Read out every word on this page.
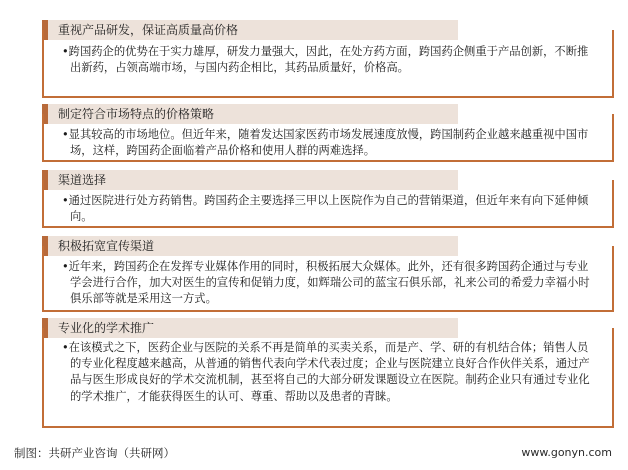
重视产品研发，保证高质量高价格
•跨国药企的优势在于实力雄厚，研发力量强大，因此，在处方药方面，跨国药企侧重于产品创新，不断推出新药，占领高端市场，与国内药企相比，其药品质量好，价格高。
制定符合市场特点的价格策略
•显其较高的市场地位。但近年来，随着发达国家医药市场发展速度放慢，跨国制药企业越来越重视中国市场，这样，跨国药企面临着产品价格和使用人群的两难选择。
渠道选择
•通过医院进行处方药销售。跨国药企主要选择三甲以上医院作为自己的营销渠道，但近年来有向下延伸倾向。
积极拓宽宣传渠道
•近年来，跨国药企在发挥专业媒体作用的同时，积极拓展大众媒体。此外，还有很多跨国药企通过与专业学会进行合作，加大对医生的宣传和促销力度，如辉瑞公司的蓝宝石俱乐部，礼来公司的希爱力幸福小时俱乐部等就是采用这一方式。
专业化的学术推广
•在该模式之下，医药企业与医院的关系不再是简单的买卖关系，而是产、学、研的有机结合体；销售人员的专业化程度越来越高，从普通的销售代表向学术代表过度；企业与医院建立良好合作伙伴关系，通过产品与医生形成良好的学术交流机制，甚至将自己的大部分研发课题设立在医院。制药企业只有通过专业化的学术推广，才能获得医生的认可、尊重、帮助以及患者的青睐。
制图：共研产业咨询（共研网）	www.gonyn.com
